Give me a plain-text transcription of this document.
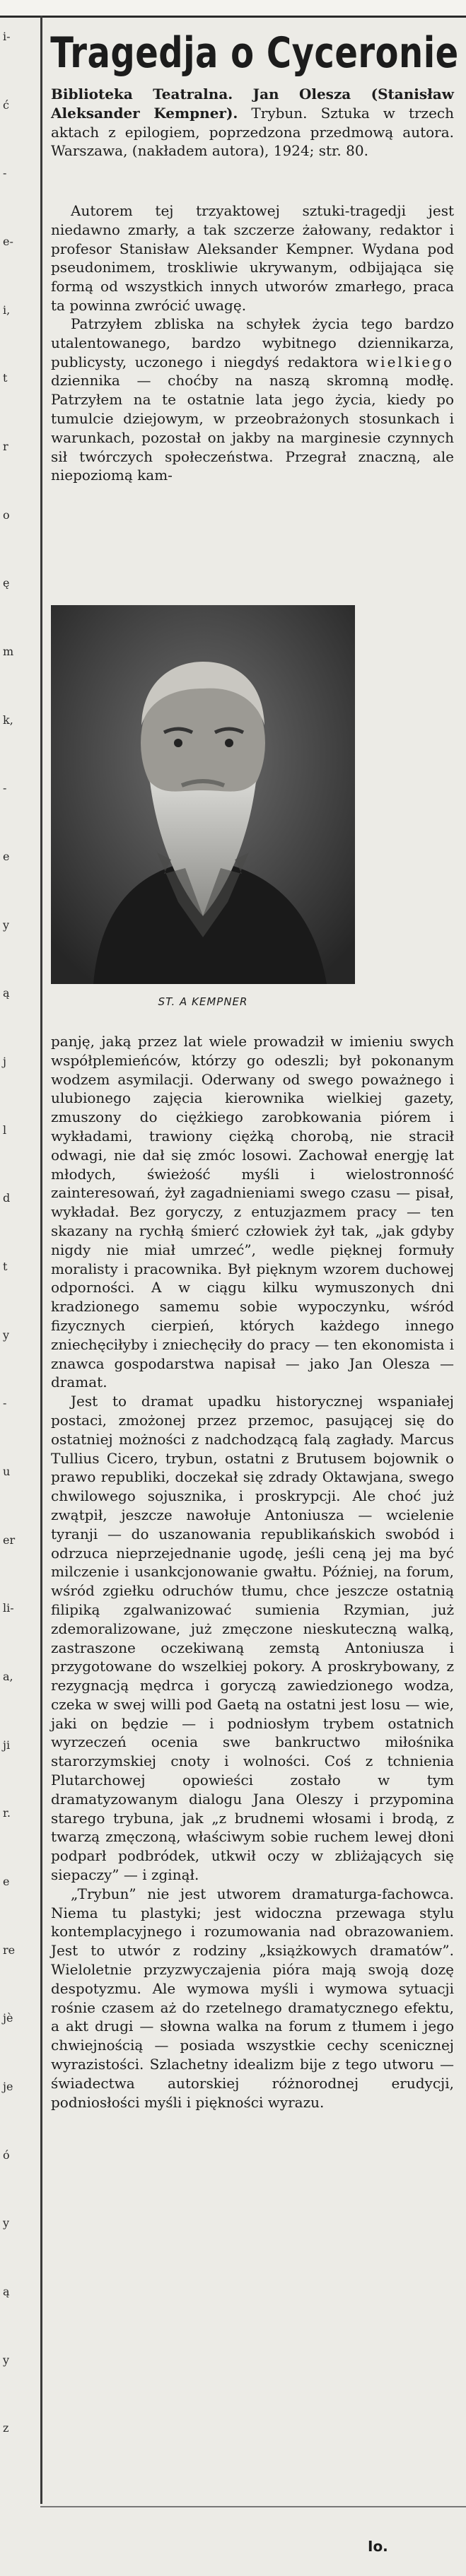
i-
ć
-
e-
i,
t
r
o
ę
m
k,
-
e
y
ą
j
l
d
t
y
-
u
er
li-
a,
ji
r.
e
re
jè
je
ó
y
ą
y
z
Tragedja o Cyceronie

Biblioteka Teatralna. Jan Olesza (Stanisław Aleksander Kempner). Trybun. Sztuka w trzech aktach z epilogiem, poprzedzona przedmową autora. Warszawa, (nakładem autora), 1924; str. 80.

Autorem tej trzyaktowej sztuki-tragedji jest niedawno zmarły, a tak szczerze żałowany, redaktor i profesor Stanisław Aleksander Kempner. Wydana pod pseudonimem, troskliwie ukrywanym, odbijająca się formą od wszystkich innych utworów zmarłego, praca ta powinna zwrócić uwagę.

Patrzyłem zbliska na schyłek życia tego bardzo utalentowanego, bardzo wybitnego dziennikarza, publicysty, uczonego i niegdyś redaktora wielkiego dziennika — choćby na naszą skromną modłę. Patrzyłem na te ostatnie lata jego życia, kiedy po tumulcie dziejowym, w przeobrażonych stosunkach i warunkach, pozostał on jakby na marginesie czynnych sił twórczych społeczeństwa. Przegrał znaczną, ale niepoziomą kam-

ST. A KEMPNER

panję, jaką przez lat wiele prowadził w imieniu swych współplemieńców, którzy go odeszli; był pokonanym wodzem asymilacji. Oderwany od swego poważnego i ulubionego zajęcia kierownika wielkiej gazety, zmuszony do ciężkiego zarobkowania piórem i wykładami, trawiony ciężką chorobą, nie stracił odwagi, nie dał się zmóc losowi. Zachował energję lat młodych, świeżość myśli i wielostronność zainteresowań, żył zagadnieniami swego czasu — pisał, wykładał. Bez goryczy, z entuzjazmem pracy — ten skazany na rychłą śmierć człowiek żył tak, „jak gdyby nigdy nie miał umrzeć”, wedle pięknej formuły moralisty i pracownika. Był pięknym wzorem duchowej odporności. A w ciągu kilku wymuszonych dni kradzionego samemu sobie wypoczynku, wśród fizycznych cierpień, których każdego innego zniechęciłyby i zniechęciły do pracy — ten ekonomista i znawca gospodarstwa napisał — jako Jan Olesza — dramat.

Jest to dramat upadku historycznej wspaniałej postaci, zmożonej przez przemoc, pasującej się do ostatniej możności z nadchodzącą falą zagłady. Marcus Tullius Cicero, trybun, ostatni z Brutusem bojownik o prawo republiki, doczekał się zdrady Oktawjana, swego chwilowego sojusznika, i proskrypcji. Ale choć już zwątpił, jeszcze nawołuje Antoniusza — wcielenie tyranji — do uszanowania republikańskich swobód i odrzuca nieprzejednanie ugodę, jeśli ceną jej ma być milczenie i usankcjonowanie gwałtu. Później, na forum, wśród zgiełku odruchów tłumu, chce jeszcze ostatnią filipiką zgalwanizować sumienia Rzymian, już zdemoralizowane, już zmęczone nieskuteczną walką, zastraszone oczekiwaną zemstą Antoniusza i przygotowane do wszelkiej pokory. A proskrybowany, z rezygnacją mędrca i goryczą zawiedzionego wodza, czeka w swej willi pod Gaetą na ostatni jest losu — wie, jaki on będzie — i podniosłym trybem ostatnich wyrzeczeń ocenia swe bankructwo miłośnika starorzymskiej cnoty i wolności. Coś z tchnienia Plutarchowej opowieści zostało w tym dramatyzowanym dialogu Jana Oleszy i przypomina starego trybuna, jak „z brudnemi włosami i brodą, z twarzą zmęczoną, właściwym sobie ruchem lewej dłoni podparł podbródek, utkwił oczy w zbliżających się siepaczy” — i zginął.

„Trybun” nie jest utworem dramaturga-fachowca. Niema tu plastyki; jest widoczna przewaga stylu kontemplacyjnego i rozumowania nad obrazowaniem. Jest to utwór z rodziny „książkowych dramatów”. Wieloletnie przyzwyczajenia pióra mają swoją dozę despotyzmu. Ale wymowa myśli i wymowa sytuacji rośnie czasem aż do rzetelnego dramatycznego efektu, a akt drugi — słowna walka na forum z tłumem i jego chwiejnością — posiada wszystkie cechy scenicznej wyrazistości. Szlachetny idealizm bije z tego utworu — świadectwa autorskiej różnorodnej erudycji, podniosłości myśli i piękności wyrazu.

Io.
